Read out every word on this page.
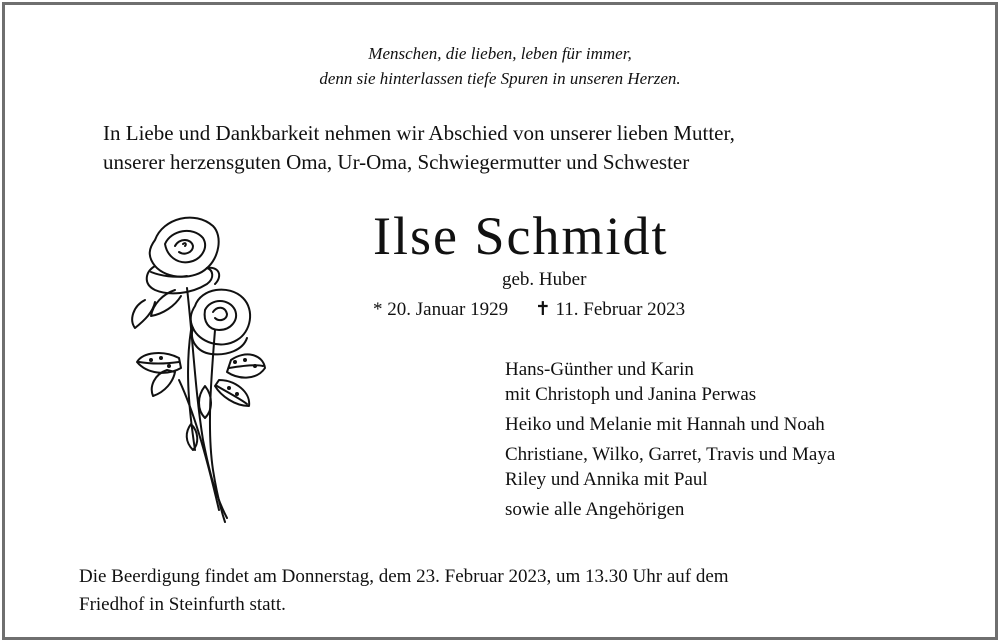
Menschen, die lieben, leben für immer,
denn sie hinterlassen tiefe Spuren in unseren Herzen.
In Liebe und Dankbarkeit nehmen wir Abschied von unserer lieben Mutter,
unserer herzensguten Oma, Ur-Oma, Schwiegermutter und Schwester
Ilse Schmidt
geb. Huber
* 20. Januar 1929 ✝ 11. Februar 2023
Hans-Günther und Karin
mit Christoph und Janina Perwas
Heiko und Melanie mit Hannah und Noah
Christiane, Wilko, Garret, Travis und Maya
Riley und Annika mit Paul
sowie alle Angehörigen
Die Beerdigung findet am Donnerstag, dem 23. Februar 2023, um 13.30 Uhr auf dem
Friedhof in Steinfurth statt.
